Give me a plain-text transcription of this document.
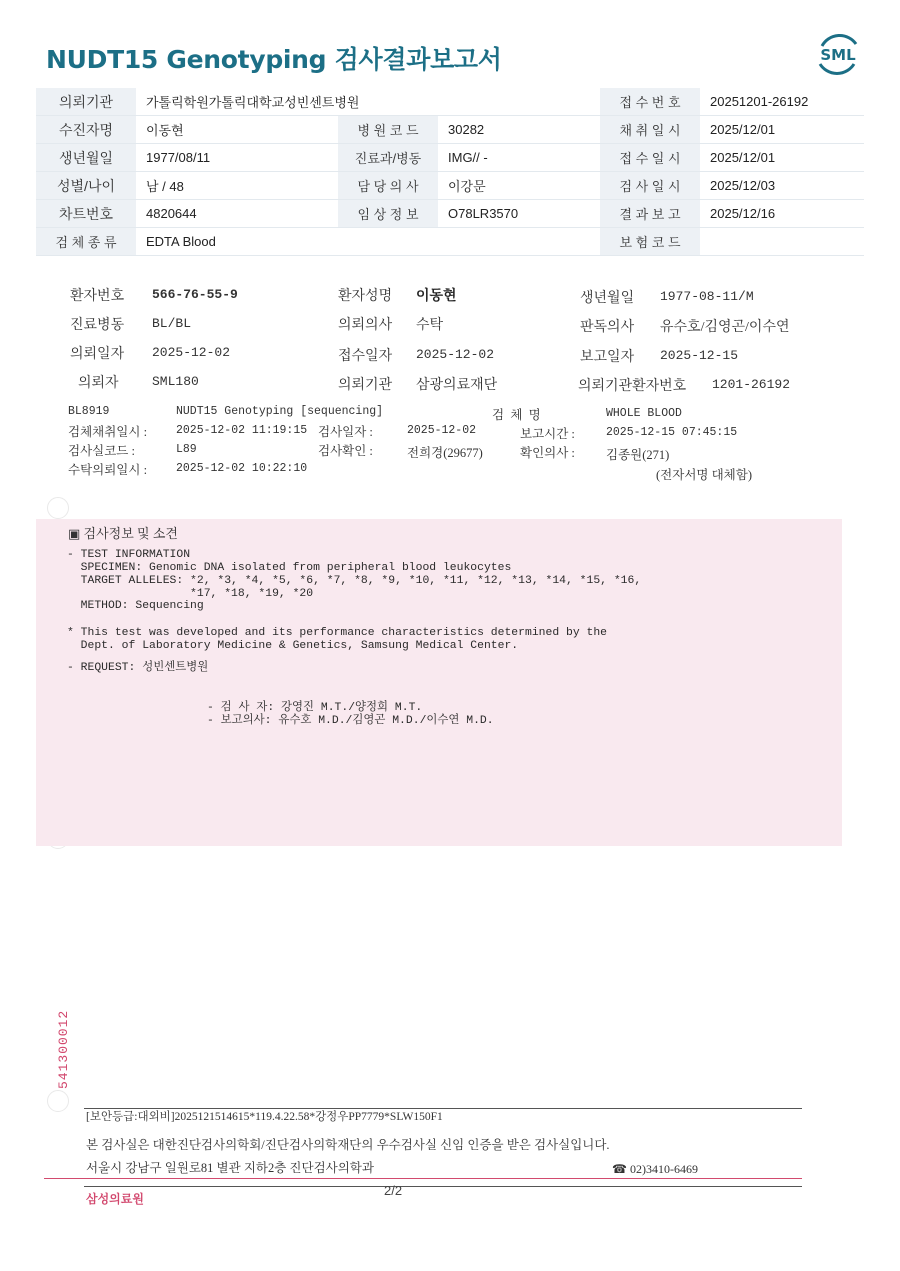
NUDT15 Genotyping 검사결과보고서	SML
의뢰기관	가톨릭학원가톨릭대학교성빈센트병원			접 수 번 호	20251201-26192
수진자명	이동현	병 원 코 드	30282	채 취 일 시	2025/12/01
생년월일	1977/08/11	진료과/병동	IMG// -	접 수 일 시	2025/12/01
성별/나이	남 / 48	담 당 의 사	이강문	검 사 일 시	2025/12/03
차트번호	4820644	임 상 정 보	O78LR3570	결 과 보 고	2025/12/16
검 체 종 류	EDTA Blood			보 험 코 드	
환자번호 566-76-55-9	환자성명 이동현	생년월일 1977-08-11/M
진료병동 BL/BL	의뢰의사 수탁	판독의사 유수호/김영곤/이수연
의뢰일자 2025-12-02	접수일자 2025-12-02	보고일자 2025-12-15
의뢰자	SML180	의뢰기관 삼광의료재단	의뢰기관환자번호 1201-26192
BL8919	NUDT15 Genotyping [sequencing]	검  체  명	WHOLE BLOOD
검체채취일시 :	2025-12-02 11:19:15 검사일자 :	2025-12-02	보고시간 :	2025-12-15 07:45:15
검사실코드 :	L89	검사확인 :	전희경(29677)	확인의사 : 김종원(271)
수탁의뢰일시 :	2025-12-02 10:22:10	(전자서명 대체함)
▣ 검사정보 및 소견
- TEST INFORMATION
SPECIMEN: Genomic DNA isolated from peripheral blood leukocytes
TARGET ALLELES: *2, *3, *4, *5, *6, *7, *8, *9, *10, *11, *12, *13, *14, *15, *16,
*17, *18, *19, *20
METHOD: Sequencing
* This test was developed and its performance characteristics determined by the
Dept. of Laboratory Medicine & Genetics, Samsung Medical Center.
- REQUEST: 성빈센트병원
- 검 사 자: 강영진 M.T./양정희 M.T.
- 보고의사: 유수호 M.D./김영곤 M.D./이수연 M.D.
541300012
[보안등급:대외비]2025121514615*119.4.22.58*강정우PP7779*SLW150F1
본 검사실은 대한진단검사의학회/진단검사의학재단의 우수검사실 신임 인증을 받은 검사실입니다.
서울시 강남구 일원로81 별관 지하2층 진단검사의학과	☎ 02)3410-6469
2/2
삼성의료원
